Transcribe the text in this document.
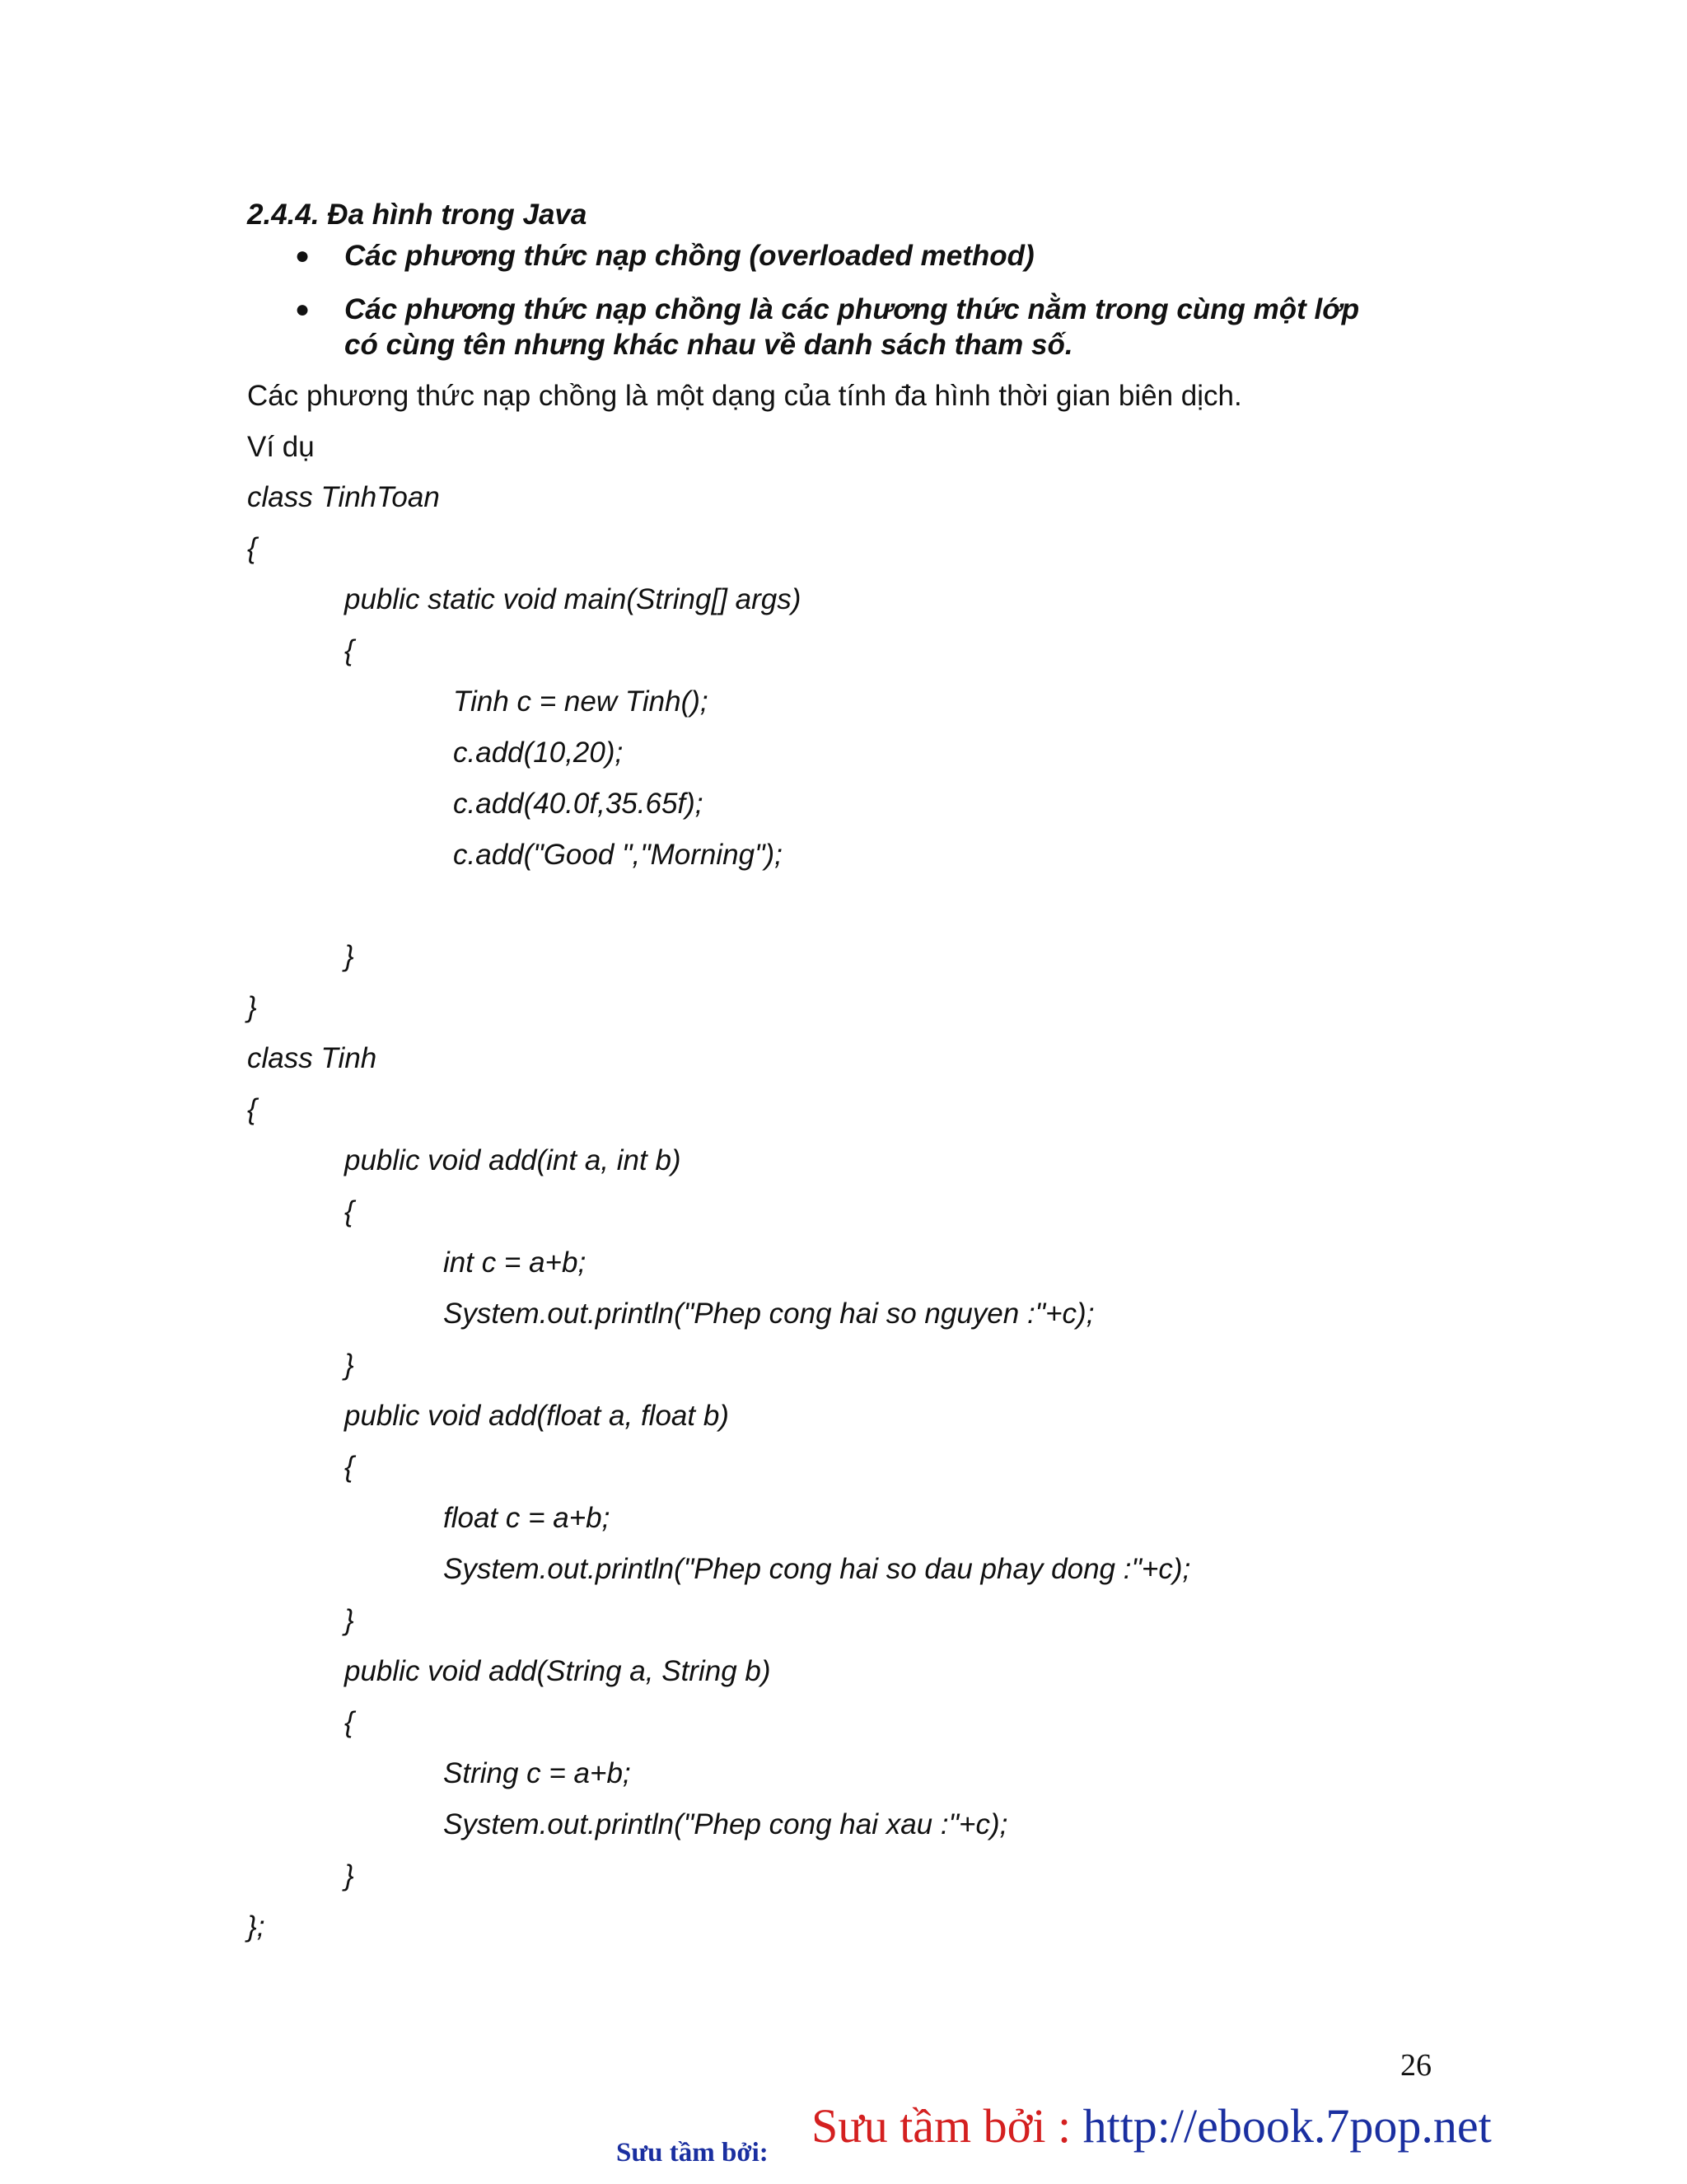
2.4.4. Đa hình trong Java
● Các phương thức nạp chồng (overloaded method)
● Các phương thức nạp chồng là các phương thức nằm trong cùng một lớp
có cùng tên nhưng khác nhau về danh sách tham số.
Các phương thức nạp chồng là một dạng của tính đa hình thời gian biên dịch.
Ví dụ
class TinhToan
{
public static void main(String[] args)
{
Tinh c = new Tinh();
c.add(10,20);
c.add(40.0f,35.65f);
c.add("Good ","Morning");
}
}
class Tinh
{
public void add(int a, int b)
{
int c = a+b;
System.out.println("Phep cong hai so nguyen :"+c);
}
public void add(float a, float b)
{
float c = a+b;
System.out.println("Phep cong hai so dau phay dong :"+c);
}
public void add(String a, String b)
{
String c = a+b;
System.out.println("Phep cong hai xau :"+c);
}
};
26
Sưu tầm bởi: Sưu tầm bởi : http://ebook.7pop.net
